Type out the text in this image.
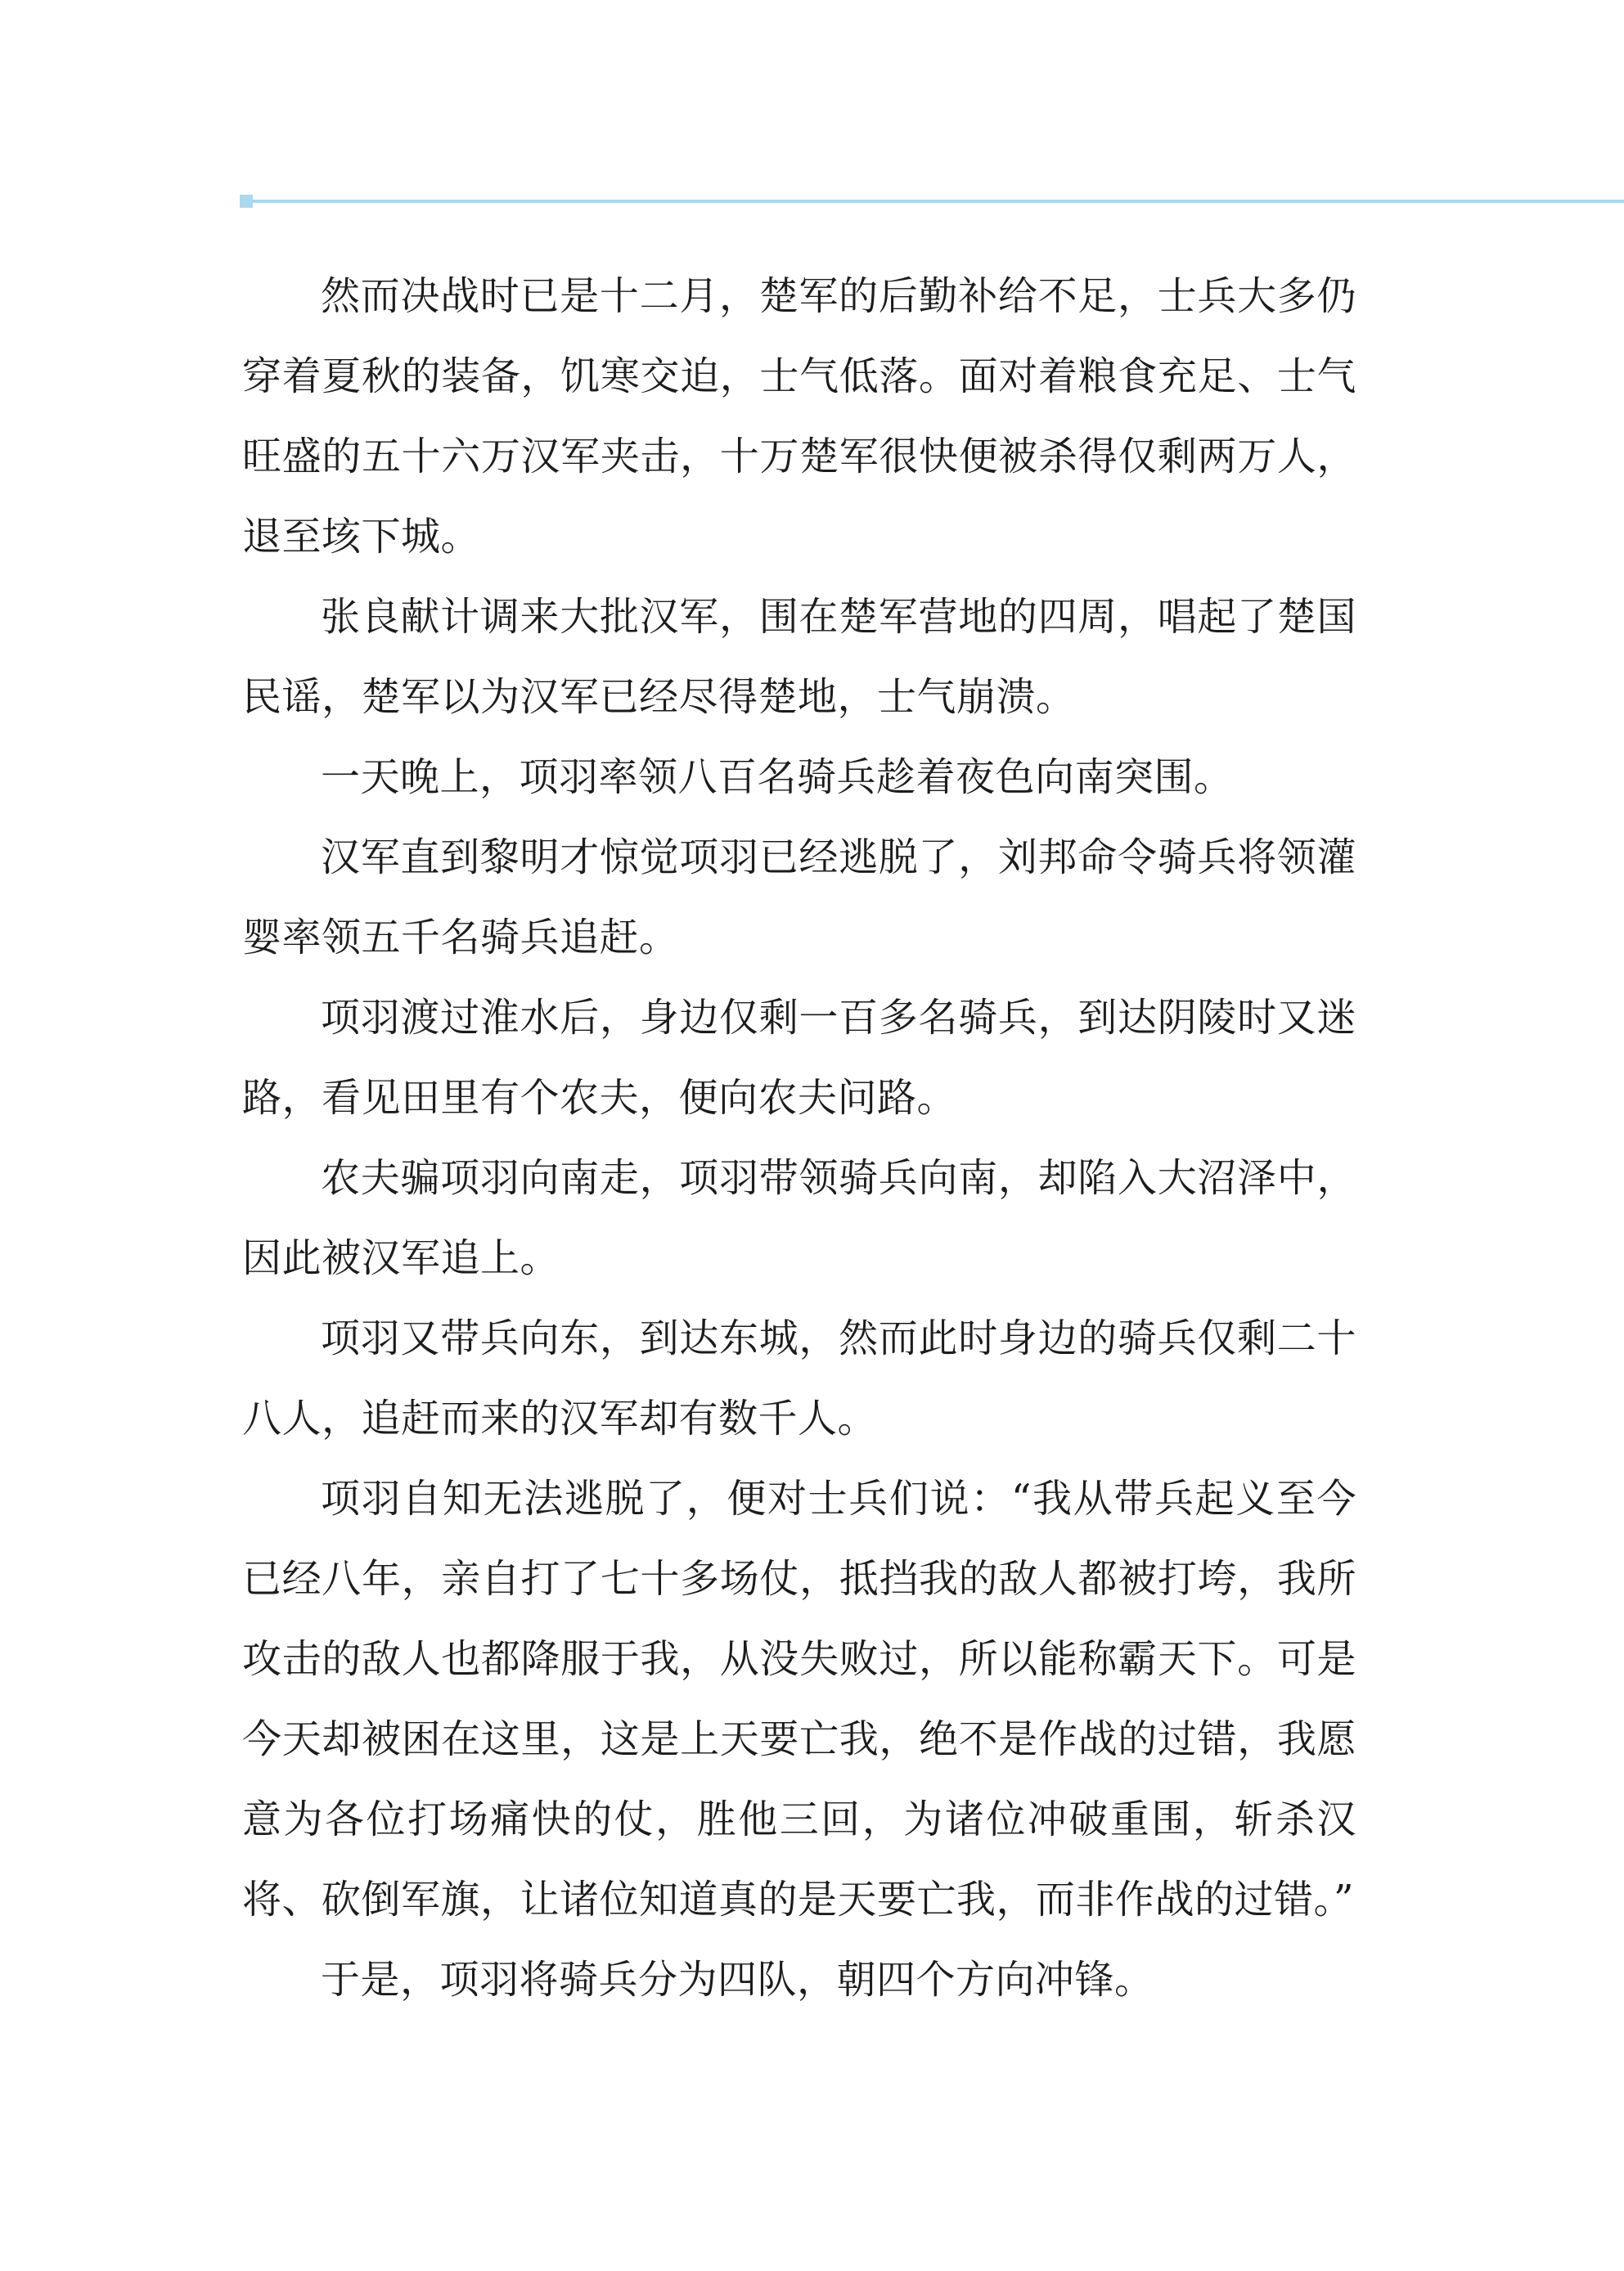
然而决战时已是十二月，楚军的后勤补给不足，士兵大多仍穿着夏秋的装备，饥寒交迫，士气低落。面对着粮食充足、士气旺盛的五十六万汉军夹击，十万楚军很快便被杀得仅剩两万人，退至垓下城。

张良献计调来大批汉军，围在楚军营地的四周，唱起了楚国民谣，楚军以为汉军已经尽得楚地，士气崩溃。

一天晚上，项羽率领八百名骑兵趁着夜色向南突围。

汉军直到黎明才惊觉项羽已经逃脱了，刘邦命令骑兵将领灌婴率领五千名骑兵追赶。

项羽渡过淮水后，身边仅剩一百多名骑兵，到达阴陵时又迷路，看见田里有个农夫，便向农夫问路。

农夫骗项羽向南走，项羽带领骑兵向南，却陷入大沼泽中，因此被汉军追上。

项羽又带兵向东，到达东城，然而此时身边的骑兵仅剩二十八人，追赶而来的汉军却有数千人。

项羽自知无法逃脱了，便对士兵们说：“我从带兵起义至今已经八年，亲自打了七十多场仗，抵挡我的敌人都被打垮，我所攻击的敌人也都降服于我，从没失败过，所以能称霸天下。可是今天却被困在这里，这是上天要亡我，绝不是作战的过错，我愿意为各位打场痛快的仗，胜他三回，为诸位冲破重围，斩杀汉将、砍倒军旗，让诸位知道真的是天要亡我，而非作战的过错。”

于是，项羽将骑兵分为四队，朝四个方向冲锋。
